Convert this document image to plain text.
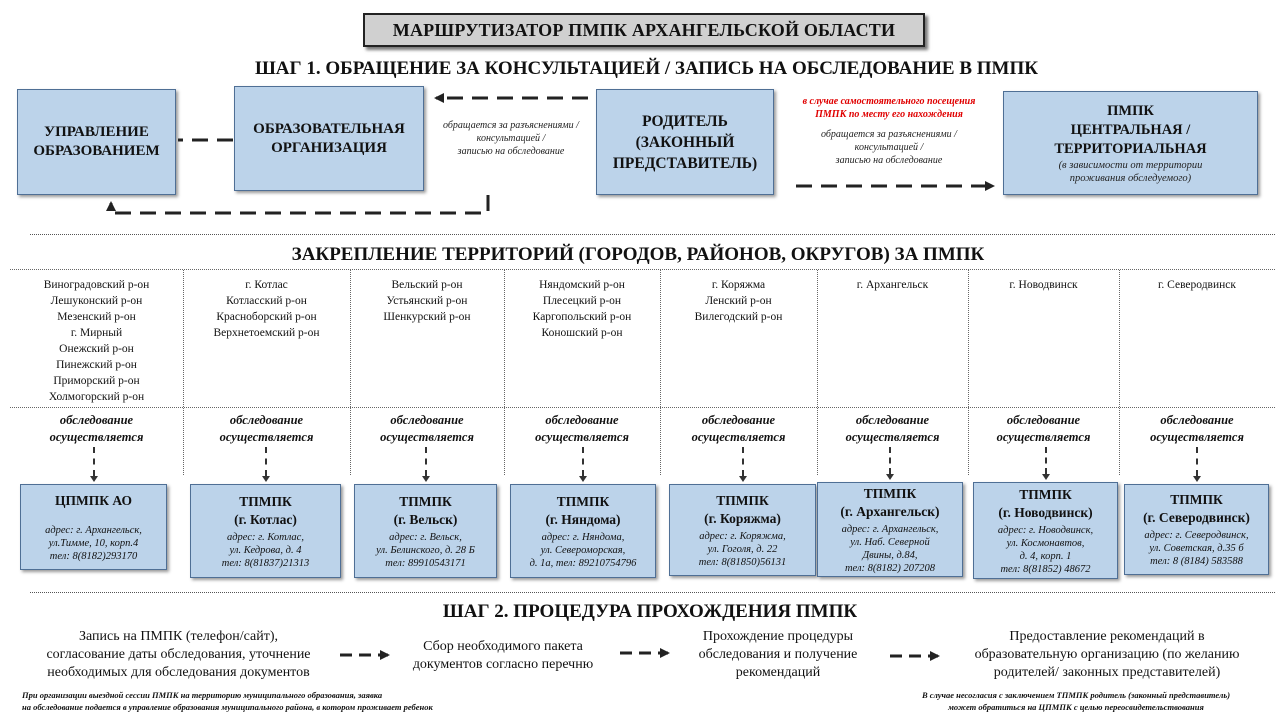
МАРШРУТИЗАТОР ПМПК АРХАНГЕЛЬСКОЙ ОБЛАСТИ
ШАГ 1. ОБРАЩЕНИЕ ЗА КОНСУЛЬТАЦИЕЙ / ЗАПИСЬ НА ОБСЛЕДОВАНИЕ В ПМПК
УПРАВЛЕНИЕ
ОБРАЗОВАНИЕМ
ОБРАЗОВАТЕЛЬНАЯ
ОРГАНИЗАЦИЯ
РОДИТЕЛЬ
(ЗАКОННЫЙ
ПРЕДСТАВИТЕЛЬ)
ПМПК
ЦЕНТРАЛЬНАЯ /
ТЕРРИТОРИАЛЬНАЯ
(в зависимости от территории
проживания обследуемого)
обращается за разъяснениями /
консультацией /
записью на обследование
в случае самостоятельного посещения
ПМПК по месту его нахождения
обращается за разъяснениями /
консультацией /
записью на обследование
ЗАКРЕПЛЕНИЕ ТЕРРИТОРИЙ (ГОРОДОВ, РАЙОНОВ, ОКРУГОВ) ЗА ПМПК
Виноградовский р-он
Лешуконский р-он
Мезенский р-он
г. Мирный
Онежский р-он
Пинежский р-он
Приморский р-он
Холмогорский р-он
обследование
осуществляется
ЦПМПК АО
адрес: г. Архангельск,
ул.Тимме, 10, корп.4
тел: 8(8182)293170
г. Котлас
Котласский р-он
Красноборский р-он
Верхнетоемский р-он
обследование
осуществляется
ТПМПК
(г. Котлас)
адрес: г. Котлас,
ул. Кедрова, д. 4
тел: 8(81837)21313
Вельский р-он
Устьянский р-он
Шенкурский р-он
обследование
осуществляется
ТПМПК
(г. Вельск)
адрес: г. Вельск,
ул. Белинского, д. 28 Б
тел: 89910543171
Няндомский р-он
Плесецкий р-он
Каргопольский р-он
Коношский р-он
обследование
осуществляется
ТПМПК
(г. Няндома)
адрес: г. Няндома,
ул. Североморская,
д. 1а, тел: 89210754796
г. Коряжма
Ленский р-он
Вилегодский р-он
обследование
осуществляется
ТПМПК
(г. Коряжма)
адрес: г. Коряжма,
ул. Гоголя, д. 22
тел: 8(81850)56131
г. Архангельск
обследование
осуществляется
ТПМПК
(г. Архангельск)
адрес: г. Архангельск,
ул. Наб. Северной
Двины, д.84,
тел: 8(8182) 207208
г. Новодвинск
обследование
осуществляется
ТПМПК
(г. Новодвинск)
адрес: г. Новодвинск,
ул. Космонавтов,
д. 4, корп. 1
тел: 8(81852) 48672
г. Северодвинск
обследование
осуществляется
ТПМПК
(г. Северодвинск)
адрес: г. Северодвинск,
ул. Советская, д.35 б
тел: 8 (8184) 583588
ШАГ 2. ПРОЦЕДУРА ПРОХОЖДЕНИЯ ПМПК
Запись на ПМПК (телефон/сайт),
согласование даты обследования, уточнение
необходимых для обследования документов
Сбор необходимого пакета
документов согласно перечню
Прохождение процедуры
обследования и получение
рекомендаций
Предоставление рекомендаций в
образовательную организацию (по желанию
родителей/ законных представителей)
При организации выездной сессии ПМПК на территорию муниципального образования, заявка
на обследование подается в управление образования муниципального района, в котором проживает ребенок
В случае несогласия с заключением ТПМПК родитель (законный представитель)
может обратиться на ЦПМПК с целью переосвидетельствования
